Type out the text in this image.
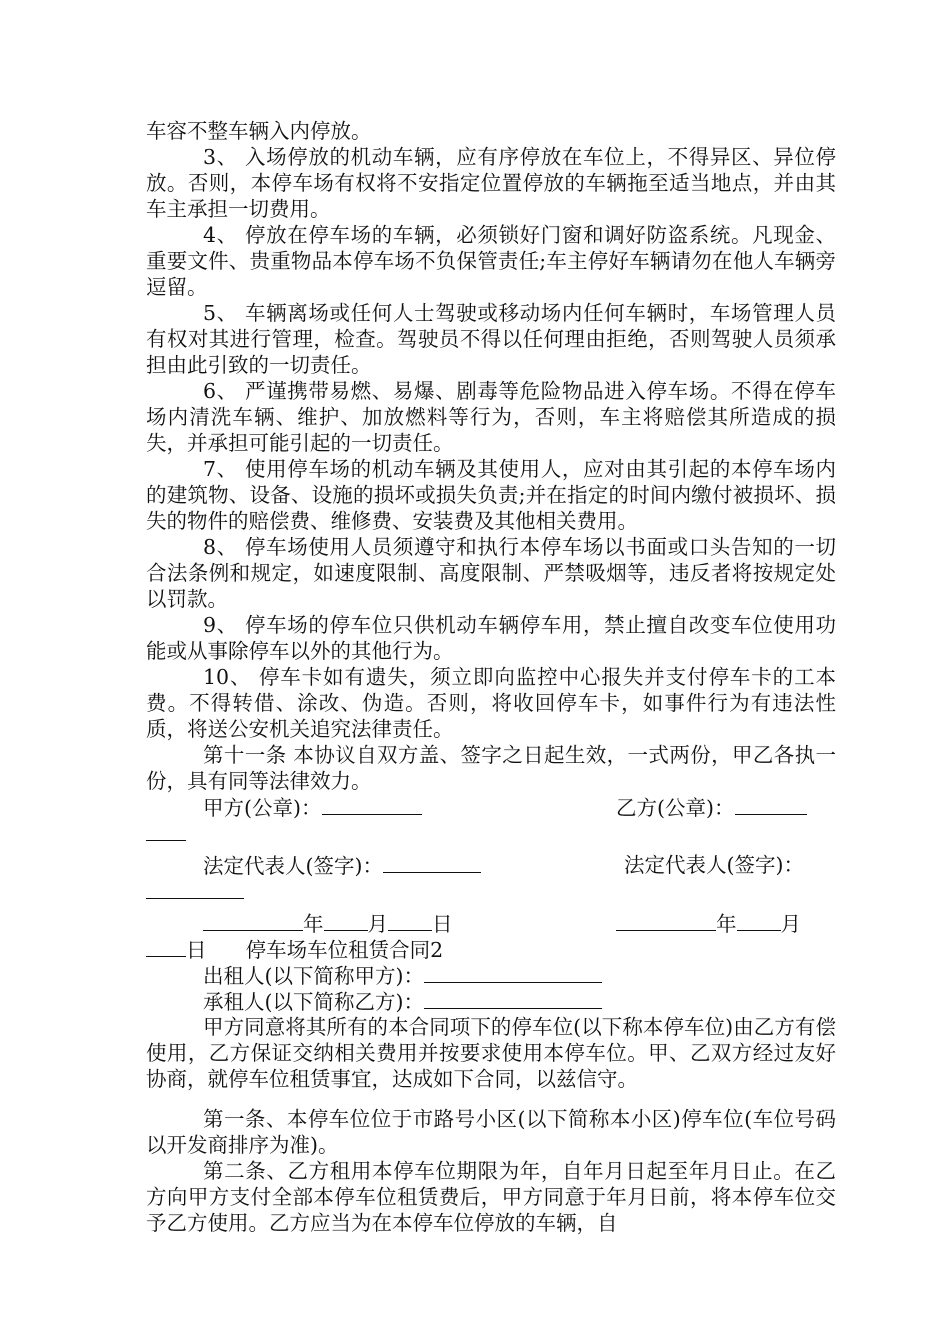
车容不整车辆入内停放。

3、 入场停放的机动车辆，应有序停放在车位上，不得异区、异位停放。否则，本停车场有权将不安指定位置停放的车辆拖至适当地点，并由其车主承担一切费用。

4、 停放在停车场的车辆，必须锁好门窗和调好防盗系统。凡现金、重要文件、贵重物品本停车场不负保管责任;车主停好车辆请勿在他人车辆旁逗留。

5、 车辆离场或任何人士驾驶或移动场内任何车辆时，车场管理人员有权对其进行管理，检查。驾驶员不得以任何理由拒绝，否则驾驶人员须承担由此引致的一切责任。

6、 严谨携带易燃、易爆、剧毒等危险物品进入停车场。不得在停车场内清洗车辆、维护、加放燃料等行为，否则，车主将赔偿其所造成的损失，并承担可能引起的一切责任。

7、 使用停车场的机动车辆及其使用人，应对由其引起的本停车场内的建筑物、设备、设施的损坏或损失负责;并在指定的时间内缴付被损坏、损失的物件的赔偿费、维修费、安装费及其他相关费用。

8、 停车场使用人员须遵守和执行本停车场以书面或口头告知的一切合法条例和规定，如速度限制、高度限制、严禁吸烟等，违反者将按规定处以罚款。

9、 停车场的停车位只供机动车辆停车用，禁止擅自改变车位使用功能或从事除停车以外的其他行为。

10、 停车卡如有遗失，须立即向监控中心报失并支付停车卡的工本费。不得转借、涂改、伪造。否则，将收回停车卡，如事件行为有违法性质，将送公安机关追究法律责任。

第十一条 本协议自双方盖、签字之日起生效，一式两份，甲乙各执一份，具有同等法律效力。

甲方(公章)：	乙方(公章)：
法定代表人(签字)：	法定代表人(签字)：
年 月 日	年 月
日 停车场车位租赁合同2
出租人(以下简称甲方)：
承租人(以下简称乙方)：

甲方同意将其所有的本合同项下的停车位(以下称本停车位)由乙方有偿使用，乙方保证交纳相关费用并按要求使用本停车位。甲、乙双方经过友好协商，就停车位租赁事宜，达成如下合同，以兹信守。

第一条、本停车位位于市路号小区(以下简称本小区)停车位(车位号码以开发商排序为准)。

第二条、乙方租用本停车位期限为年，自年月日起至年月日止。在乙方向甲方支付全部本停车位租赁费后，甲方同意于年月日前，将本停车位交予乙方使用。乙方应当为在本停车位停放的车辆，自
